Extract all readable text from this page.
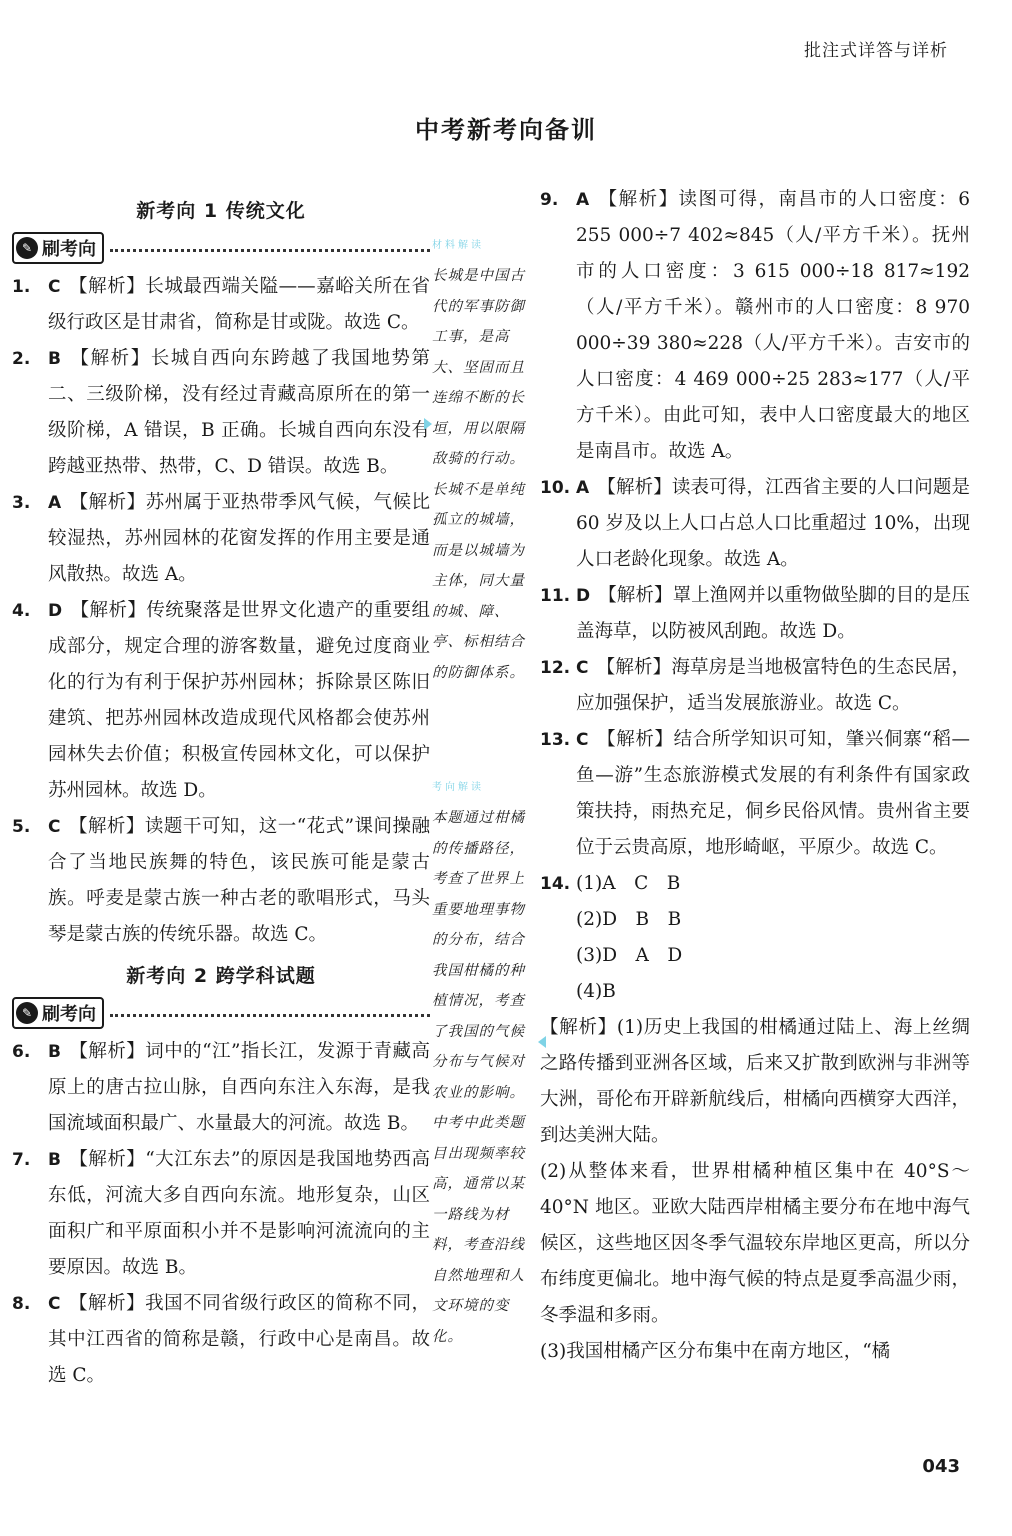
批注式详答与详析
中考新考向备训
新考向 1 传统文化
✎ 刷考向
1. C 【解析】长城最西端关隘——嘉峪关所在省级行政区是甘肃省，简称是甘或陇。故选 C。
2. B 【解析】长城自西向东跨越了我国地势第二、三级阶梯，没有经过青藏高原所在的第一级阶梯，A 错误，B 正确。长城自西向东没有跨越亚热带、热带，C、D 错误。故选 B。
3. A 【解析】苏州属于亚热带季风气候，气候比较湿热，苏州园林的花窗发挥的作用主要是通风散热。故选 A。
4. D 【解析】传统聚落是世界文化遗产的重要组成部分，规定合理的游客数量，避免过度商业化的行为有利于保护苏州园林；拆除景区陈旧建筑、把苏州园林改造成现代风格都会使苏州园林失去价值；积极宣传园林文化，可以保护苏州园林。故选 D。
5. C 【解析】读题干可知，这一“花式”课间操融合了当地民族舞的特色，该民族可能是蒙古族。呼麦是蒙古族一种古老的歌唱形式，马头琴是蒙古族的传统乐器。故选 C。
新考向 2 跨学科试题
✎ 刷考向
6. B 【解析】词中的“江”指长江，发源于青藏高原上的唐古拉山脉，自西向东注入东海，是我国流域面积最广、水量最大的河流。故选 B。
7. B 【解析】“大江东去”的原因是我国地势西高东低，河流大多自西向东流。地形复杂，山区面积广和平原面积小并不是影响河流流向的主要原因。故选 B。
8. C 【解析】我国不同省级行政区的简称不同，其中江西省的简称是赣，行政中心是南昌。故选 C。
材料解读
长城是中国古代的军事防御工事，是高大、坚固而且连绵不断的长垣，用以限隔敌骑的行动。长城不是单纯孤立的城墙，而是以城墙为主体，同大量的城、障、亭、标相结合的防御体系。
考向解读
本题通过柑橘的传播路径，考查了世界上重要地理事物的分布，结合我国柑橘的种植情况，考查了我国的气候分布与气候对农业的影响。中考中此类题目出现频率较高，通常以某一路线为材料，考查沿线自然地理和人文环境的变化。
9. A 【解析】读图可得，南昌市的人口密度：6 255 000÷7 402≈845（人/平方千米）。抚州市的人口密度：3 615 000÷18 817≈192（人/平方千米）。赣州市的人口密度：8 970 000÷39 380≈228（人/平方千米）。吉安市的人口密度：4 469 000÷25 283≈177（人/平方千米）。由此可知，表中人口密度最大的地区是南昌市。故选 A。
10. A 【解析】读表可得，江西省主要的人口问题是 60 岁及以上人口占总人口比重超过 10%，出现人口老龄化现象。故选 A。
11. D 【解析】罩上渔网并以重物做坠脚的目的是压盖海草，以防被风刮跑。故选 D。
12. C 【解析】海草房是当地极富特色的生态民居，应加强保护，适当发展旅游业。故选 C。
13. C 【解析】结合所学知识可知，肇兴侗寨“稻—鱼—游”生态旅游模式发展的有利条件有国家政策扶持，雨热充足，侗乡民俗风情。贵州省主要位于云贵高原，地形崎岖，平原少。故选 C。
14. (1)A　C　B
(2)D　B　B
(3)D　A　D
(4)B
【解析】(1)历史上我国的柑橘通过陆上、海上丝绸之路传播到亚洲各区域，后来又扩散到欧洲与非洲等大洲，哥伦布开辟新航线后，柑橘向西横穿大西洋，到达美洲大陆。
(2)从整体来看，世界柑橘种植区集中在 40°S～40°N 地区。亚欧大陆西岸柑橘主要分布在地中海气候区，这些地区因冬季气温较东岸地区更高，所以分布纬度更偏北。地中海气候的特点是夏季高温少雨，冬季温和多雨。
(3)我国柑橘产区分布集中在南方地区，“橘
043
